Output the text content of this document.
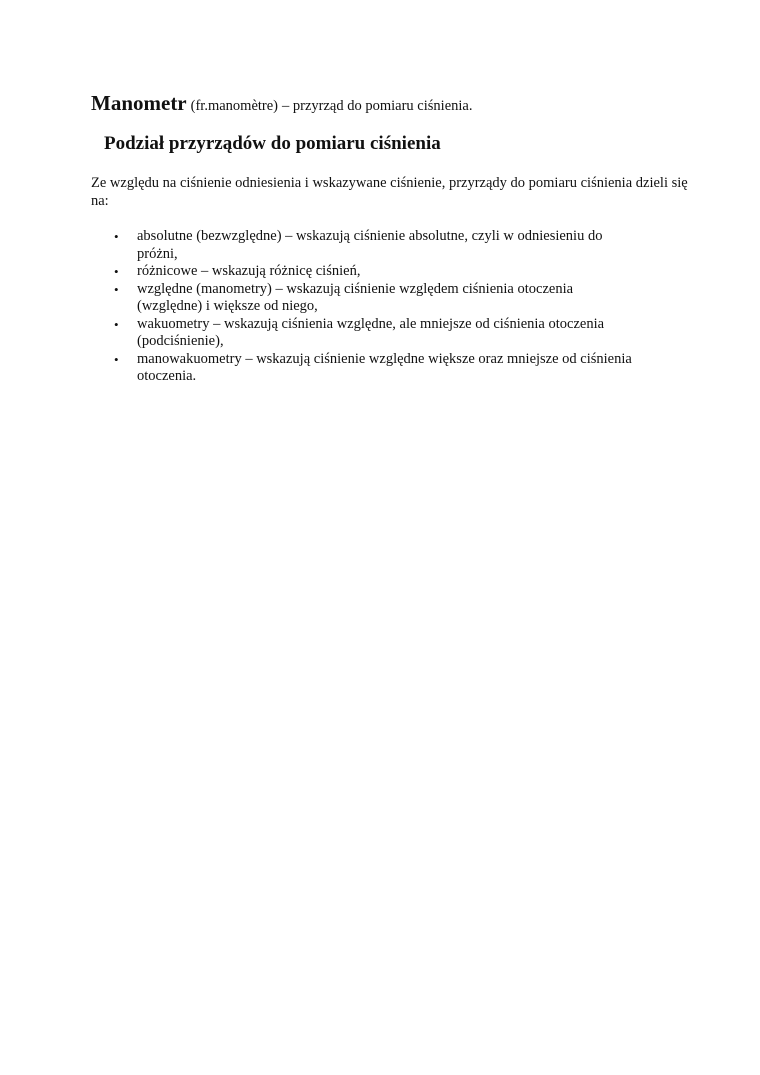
Manometr (fr.manomètre) – przyrząd do pomiaru ciśnienia.

Podział przyrządów do pomiaru ciśnienia

Ze względu na ciśnienie odniesienia i wskazywane ciśnienie, przyrządy do pomiaru ciśnienia dzieli się na:

• absolutne (bezwzględne) – wskazują ciśnienie absolutne, czyli w odniesieniu do próżni,
• różnicowe – wskazują różnicę ciśnień,
• względne (manometry) – wskazują ciśnienie względem ciśnienia otoczenia (względne) i większe od niego,
• wakuometry – wskazują ciśnienia względne, ale mniejsze od ciśnienia otoczenia (podciśnienie),
• manowakuometry – wskazują ciśnienie względne większe oraz mniejsze od ciśnienia otoczenia.
